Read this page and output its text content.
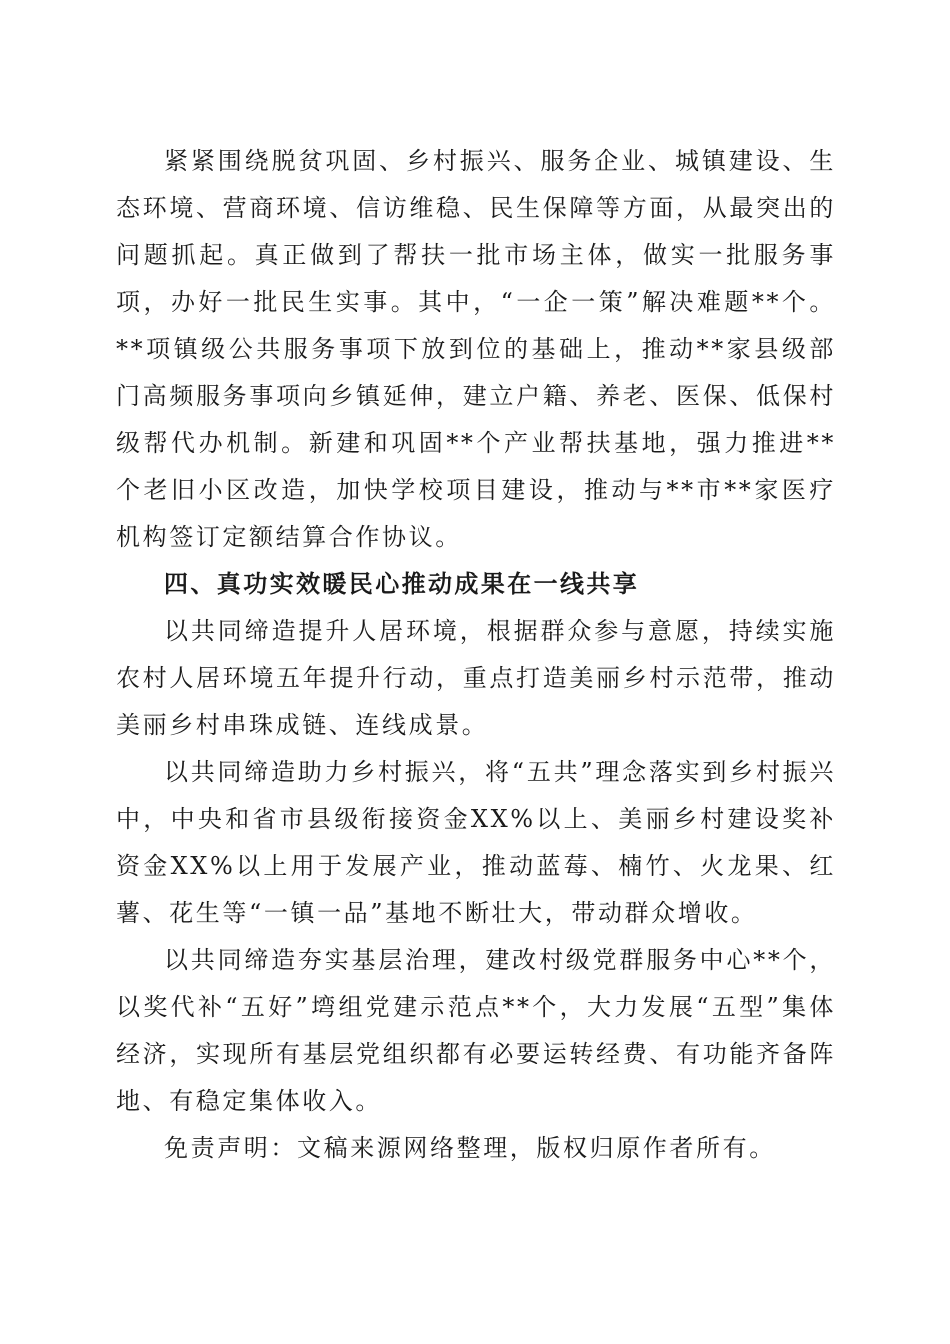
紧紧围绕脱贫巩固、乡村振兴、服务企业、城镇建设、生态环境、营商环境、信访维稳、民生保障等方面，从最突出的问题抓起。真正做到了帮扶一批市场主体，做实一批服务事项，办好一批民生实事。其中，“一企一策”解决难题**个。**项镇级公共服务事项下放到位的基础上，推动**家县级部门高频服务事项向乡镇延伸，建立户籍、养老、医保、低保村级帮代办机制。新建和巩固**个产业帮扶基地，强力推进**个老旧小区改造，加快学校项目建设，推动与**市**家医疗机构签订定额结算合作协议。

四、真功实效暖民心推动成果在一线共享

以共同缔造提升人居环境，根据群众参与意愿，持续实施农村人居环境五年提升行动，重点打造美丽乡村示范带，推动美丽乡村串珠成链、连线成景。

以共同缔造助力乡村振兴，将“五共”理念落实到乡村振兴中，中央和省市县级衔接资金XX%以上、美丽乡村建设奖补资金XX%以上用于发展产业，推动蓝莓、楠竹、火龙果、红薯、花生等“一镇一品”基地不断壮大，带动群众增收。

以共同缔造夯实基层治理，建改村级党群服务中心**个，以奖代补“五好”塆组党建示范点**个，大力发展“五型”集体经济，实现所有基层党组织都有必要运转经费、有功能齐备阵地、有稳定集体收入。

免责声明：文稿来源网络整理，版权归原作者所有。
